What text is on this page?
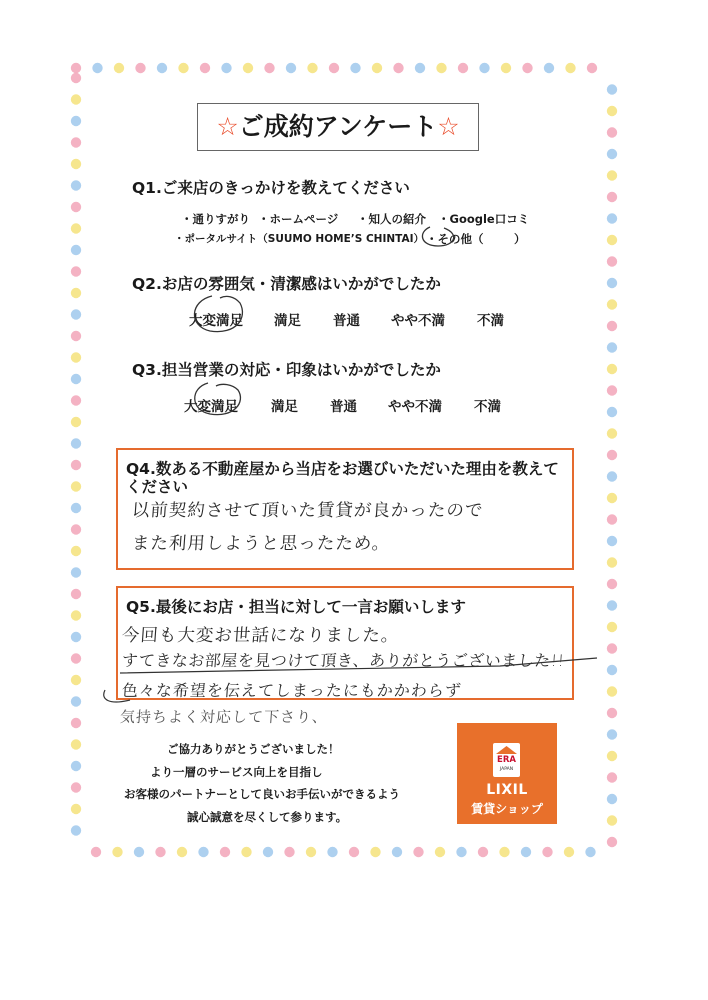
☆ご成約アンケート☆
Q1.ご来店のきっかけを教えてください
・通りすがり ・ホームページ ・知人の紹介 ・Google口コミ
・ポータルサイト（SUUMO HOME’S CHINTAI） ・その他（	）
Q2.お店の雰囲気・清潔感はいかがでしたか
大変満足 満足 普通 やや不満 不満
Q3.担当営業の対応・印象はいかがでしたか
大変満足 満足 普通 やや不満 不満
Q4.数ある不動産屋から当店をお選びいただいた理由を教えて
ください
以前契約させて頂いた賃貸が良かったので
また利用しようと思ったため。
Q5.最後にお店・担当に対して一言お願いします
今回も大変お世話になりました。
すてきなお部屋を見つけて頂き、ありがとうございました!!
色々な希望を伝えてしまったにもかかわらず
気持ちよく対応して下さり、
ご協力ありがとうございました！
より一層のサービス向上を目指し
お客様のパートナーとして良いお手伝いができるよう
誠心誠意を尽くして参ります。
ERA
JAPAN
LIXIL
賃貸ショップ
